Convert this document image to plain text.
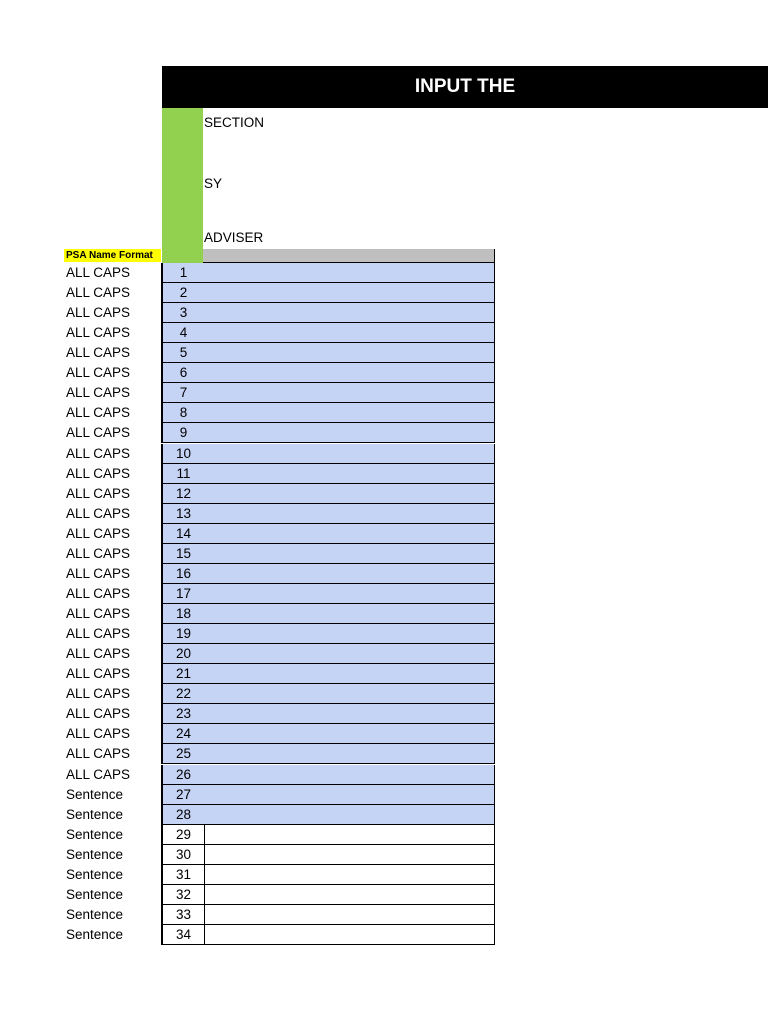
INPUT THE
SECTION
SY
ADVISER
PSA Name Format
ALL CAPS	1
ALL CAPS	2
ALL CAPS	3
ALL CAPS	4
ALL CAPS	5
ALL CAPS	6
ALL CAPS	7
ALL CAPS	8
ALL CAPS	9
ALL CAPS	10
ALL CAPS	11
ALL CAPS	12
ALL CAPS	13
ALL CAPS	14
ALL CAPS	15
ALL CAPS	16
ALL CAPS	17
ALL CAPS	18
ALL CAPS	19
ALL CAPS	20
ALL CAPS	21
ALL CAPS	22
ALL CAPS	23
ALL CAPS	24
ALL CAPS	25
ALL CAPS	26
Sentence	27
Sentence	28
Sentence	29
Sentence	30
Sentence	31
Sentence	32
Sentence	33
Sentence	34
